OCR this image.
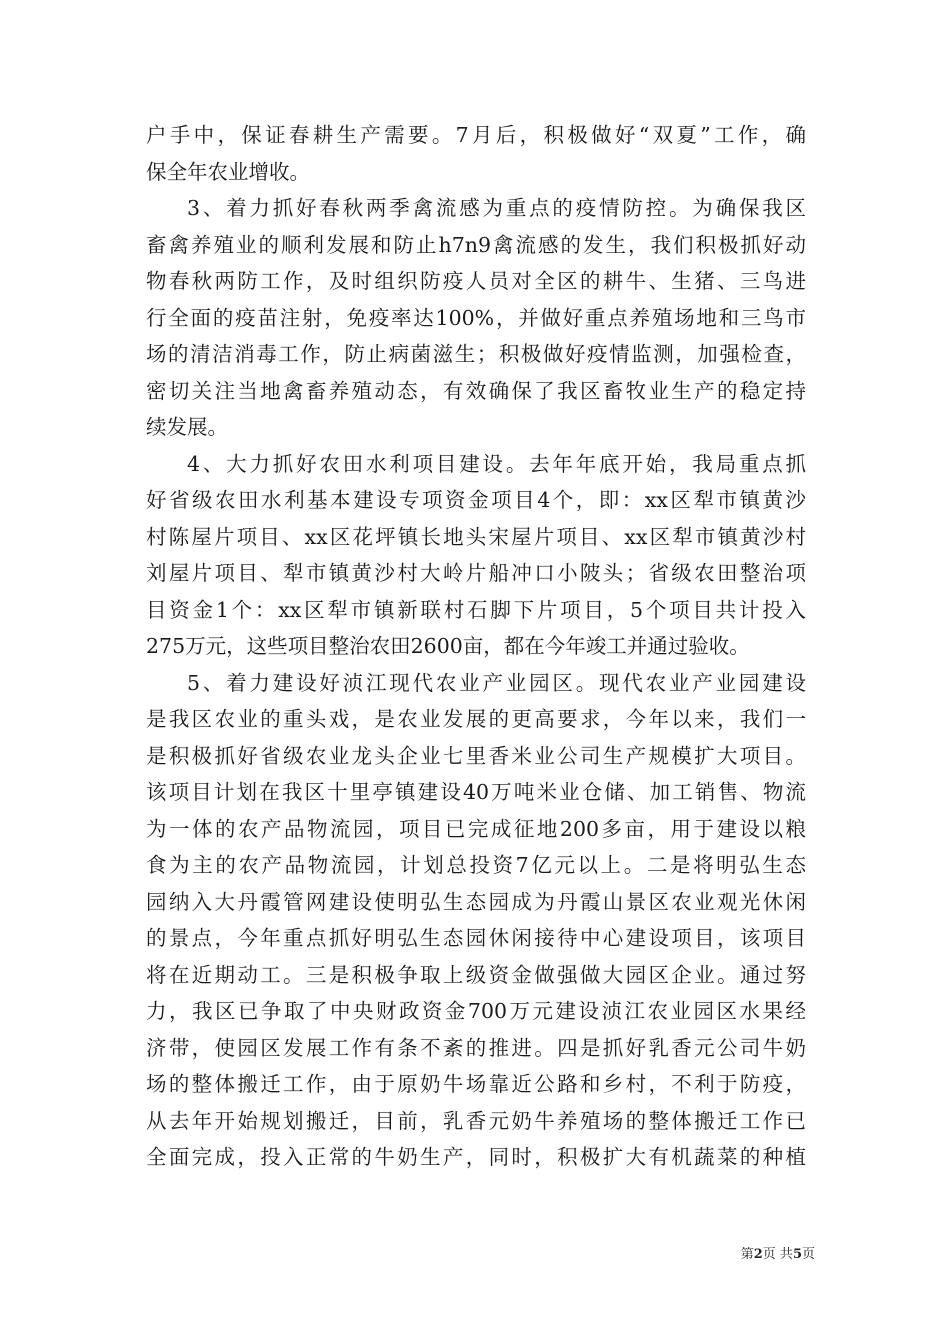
户手中，保证春耕生产需要。7月后，积极做好“双夏”工作，确
保全年农业增收。
3、着力抓好春秋两季禽流感为重点的疫情防控。为确保我区
畜禽养殖业的顺利发展和防止h7n9禽流感的发生，我们积极抓好动
物春秋两防工作，及时组织防疫人员对全区的耕牛、生猪、三鸟进
行全面的疫苗注射，免疫率达100%，并做好重点养殖场地和三鸟市
场的清洁消毒工作，防止病菌滋生；积极做好疫情监测，加强检查，
密切关注当地禽畜养殖动态，有效确保了我区畜牧业生产的稳定持
续发展。
4、大力抓好农田水利项目建设。去年年底开始，我局重点抓
好省级农田水利基本建设专项资金项目4个，即：xx区犁市镇黄沙
村陈屋片项目、xx区花坪镇长地头宋屋片项目、xx区犁市镇黄沙村
刘屋片项目、犁市镇黄沙村大岭片船冲口小陂头；省级农田整治项
目资金1个：xx区犁市镇新联村石脚下片项目，5个项目共计投入
275万元，这些项目整治农田2600亩，都在今年竣工并通过验收。
5、着力建设好浈江现代农业产业园区。现代农业产业园建设
是我区农业的重头戏，是农业发展的更高要求，今年以来，我们一
是积极抓好省级农业龙头企业七里香米业公司生产规模扩大项目。
该项目计划在我区十里亭镇建设40万吨米业仓储、加工销售、物流
为一体的农产品物流园，项目已完成征地200多亩，用于建设以粮
食为主的农产品物流园，计划总投资7亿元以上。二是将明弘生态
园纳入大丹霞管网建设使明弘生态园成为丹霞山景区农业观光休闲
的景点，今年重点抓好明弘生态园休闲接待中心建设项目，该项目
将在近期动工。三是积极争取上级资金做强做大园区企业。通过努
力，我区已争取了中央财政资金700万元建设浈江农业园区水果经
济带，使园区发展工作有条不紊的推进。四是抓好乳香元公司牛奶
场的整体搬迁工作，由于原奶牛场靠近公路和乡村，不利于防疫，
从去年开始规划搬迁，目前，乳香元奶牛养殖场的整体搬迁工作已
全面完成，投入正常的牛奶生产，同时，积极扩大有机蔬菜的种植
第2页 共5页
